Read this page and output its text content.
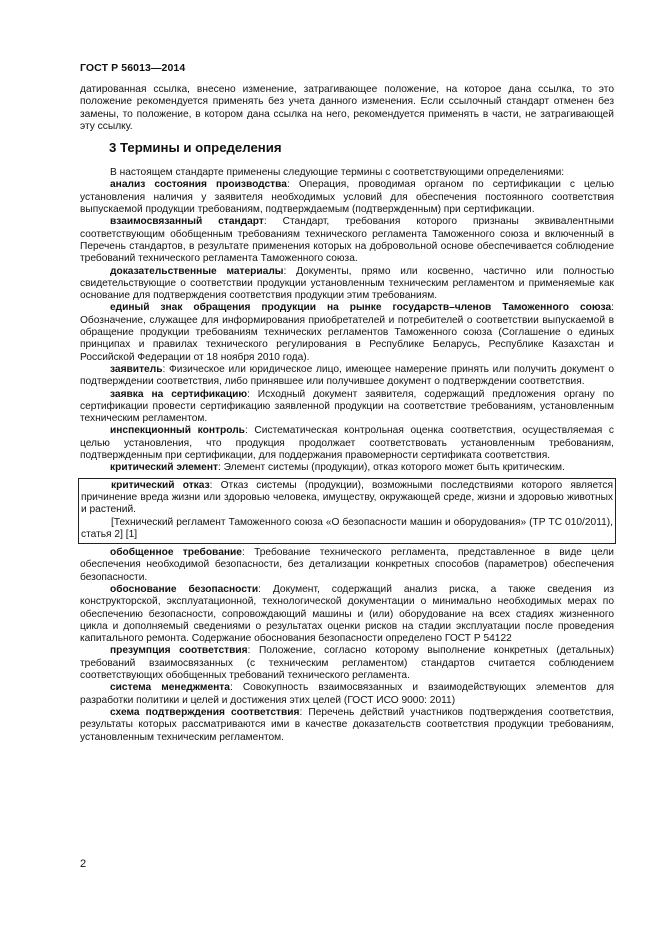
ГОСТ Р 56013—2014

датированная ссылка, внесено изменение, затрагивающее положение, на которое дана ссылка, то это положение рекомендуется применять без учета данного изменения. Если ссылочный стандарт отменен без замены, то положение, в котором дана ссылка на него, рекомендуется применять в части, не затрагивающей эту ссылку.

3 Термины и определения

В настоящем стандарте применены следующие термины с соответствующими определениями:

анализ состояния производства: Операция, проводимая органом по сертификации с целью установления наличия у заявителя необходимых условий для обеспечения постоянного соответствия выпускаемой продукции требованиям, подтверждаемым (подтвержденным) при сертификации.

взаимосвязанный стандарт: Стандарт, требования которого признаны эквивалентными соответствующим обобщенным требованиям технического регламента Таможенного союза и включенный в Перечень стандартов, в результате применения которых на добровольной основе обеспечивается соблюдение требований технического регламента Таможенного союза.

доказательственные материалы: Документы, прямо или косвенно, частично или полностью свидетельствующие о соответствии продукции установленным техническим регламентом и применяемые как основание для подтверждения соответствия продукции этим требованиям.

единый знак обращения продукции на рынке государств–членов Таможенного союза: Обозначение, служащее для информирования приобретателей и потребителей о соответствии выпускаемой в обращение продукции требованиям технических регламентов Таможенного союза (Соглашение о единых принципах и правилах технического регулирования в Республике Беларусь, Республике Казахстан и Российской Федерации от 18 ноября 2010 года).

заявитель: Физическое или юридическое лицо, имеющее намерение принять или получить документ о подтверждении соответствия, либо принявшее или получившее документ о подтверждении соответствия.

заявка на сертификацию: Исходный документ заявителя, содержащий предложения органу по сертификации провести сертификацию заявленной продукции на соответствие требованиям, установленным техническим регламентом.

инспекционный контроль: Систематическая контрольная оценка соответствия, осуществляемая с целью установления, что продукция продолжает соответствовать установленным требованиям, подтвержденным при сертификации, для поддержания правомерности сертификата соответствия.

критический элемент: Элемент системы (продукции), отказ которого может быть критическим.

критический отказ: Отказ системы (продукции), возможными последствиями которого является причинение вреда жизни или здоровью человека, имуществу, окружающей среде, жизни и здоровью животных и растений.

[Технический регламент Таможенного союза «О безопасности машин и оборудования» (ТР ТС 010/2011), статья 2] [1]

обобщенное требование: Требование технического регламента, представленное в виде цели обеспечения необходимой безопасности, без детализации конкретных способов (параметров) обеспечения безопасности.

обоснование безопасности: Документ, содержащий анализ риска, а также сведения из конструкторской, эксплуатационной, технологической документации о минимально необходимых мерах по обеспечению безопасности, сопровождающий машины и (или) оборудование на всех стадиях жизненного цикла и дополняемый сведениями о результатах оценки рисков на стадии эксплуатации после проведения капитального ремонта. Содержание обоснования безопасности определено ГОСТ Р 54122

презумпция соответствия: Положение, согласно которому выполнение конкретных (детальных) требований взаимосвязанных (с техническим регламентом) стандартов считается соблюдением соответствующих обобщенных требований технического регламента.

система менеджмента: Совокупность взаимосвязанных и взаимодействующих элементов для разработки политики и целей и достижения этих целей (ГОСТ ИСО 9000: 2011)

схема подтверждения соответствия: Перечень действий участников подтверждения соответствия, результаты которых рассматриваются ими в качестве доказательств соответствия продукции требованиям, установленным техническим регламентом.

2
